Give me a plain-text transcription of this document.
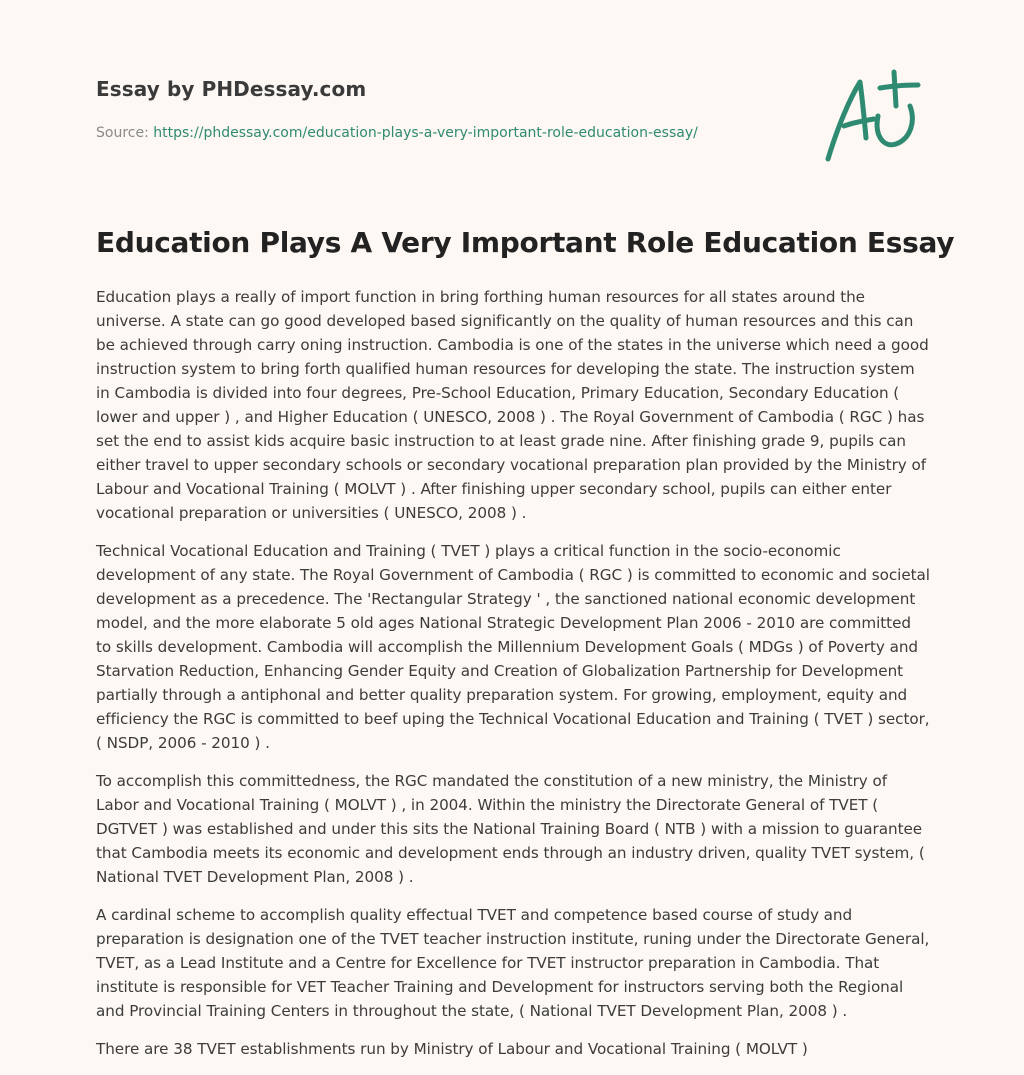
Essay by PHDessay.com
Source: https://phdessay.com/education-plays-a-very-important-role-education-essay/
Education Plays A Very Important Role Education Essay

Education plays a really of import function in bring forthing human resources for all states around the universe. A state can go good developed based significantly on the quality of human resources and this can be achieved through carry oning instruction. Cambodia is one of the states in the universe which need a good instruction system to bring forth qualified human resources for developing the state. The instruction system in Cambodia is divided into four degrees, Pre-School Education, Primary Education, Secondary Education ( lower and upper ) , and Higher Education ( UNESCO, 2008 ) . The Royal Government of Cambodia ( RGC ) has set the end to assist kids acquire basic instruction to at least grade nine. After finishing grade 9, pupils can either travel to upper secondary schools or secondary vocational preparation plan provided by the Ministry of Labour and Vocational Training ( MOLVT ) . After finishing upper secondary school, pupils can either enter vocational preparation or universities ( UNESCO, 2008 ) .

Technical Vocational Education and Training ( TVET ) plays a critical function in the socio-economic development of any state. The Royal Government of Cambodia ( RGC ) is committed to economic and societal development as a precedence. The 'Rectangular Strategy ' , the sanctioned national economic development model, and the more elaborate 5 old ages National Strategic Development Plan 2006 - 2010 are committed to skills development. Cambodia will accomplish the Millennium Development Goals ( MDGs ) of Poverty and Starvation Reduction, Enhancing Gender Equity and Creation of Globalization Partnership for Development partially through a antiphonal and better quality preparation system. For growing, employment, equity and efficiency the RGC is committed to beef uping the Technical Vocational Education and Training ( TVET ) sector, ( NSDP, 2006 - 2010 ) .

To accomplish this committedness, the RGC mandated the constitution of a new ministry, the Ministry of Labor and Vocational Training ( MOLVT ) , in 2004. Within the ministry the Directorate General of TVET ( DGTVET ) was established and under this sits the National Training Board ( NTB ) with a mission to guarantee that Cambodia meets its economic and development ends through an industry driven, quality TVET system, ( National TVET Development Plan, 2008 ) .

A cardinal scheme to accomplish quality effectual TVET and competence based course of study and preparation is designation one of the TVET teacher instruction institute, runing under the Directorate General, TVET, as a Lead Institute and a Centre for Excellence for TVET instructor preparation in Cambodia. That institute is responsible for VET Teacher Training and Development for instructors serving both the Regional and Provincial Training Centers in throughout the state, ( National TVET Development Plan, 2008 ) .

There are 38 TVET establishments run by Ministry of Labour and Vocational Training ( MOLVT )
